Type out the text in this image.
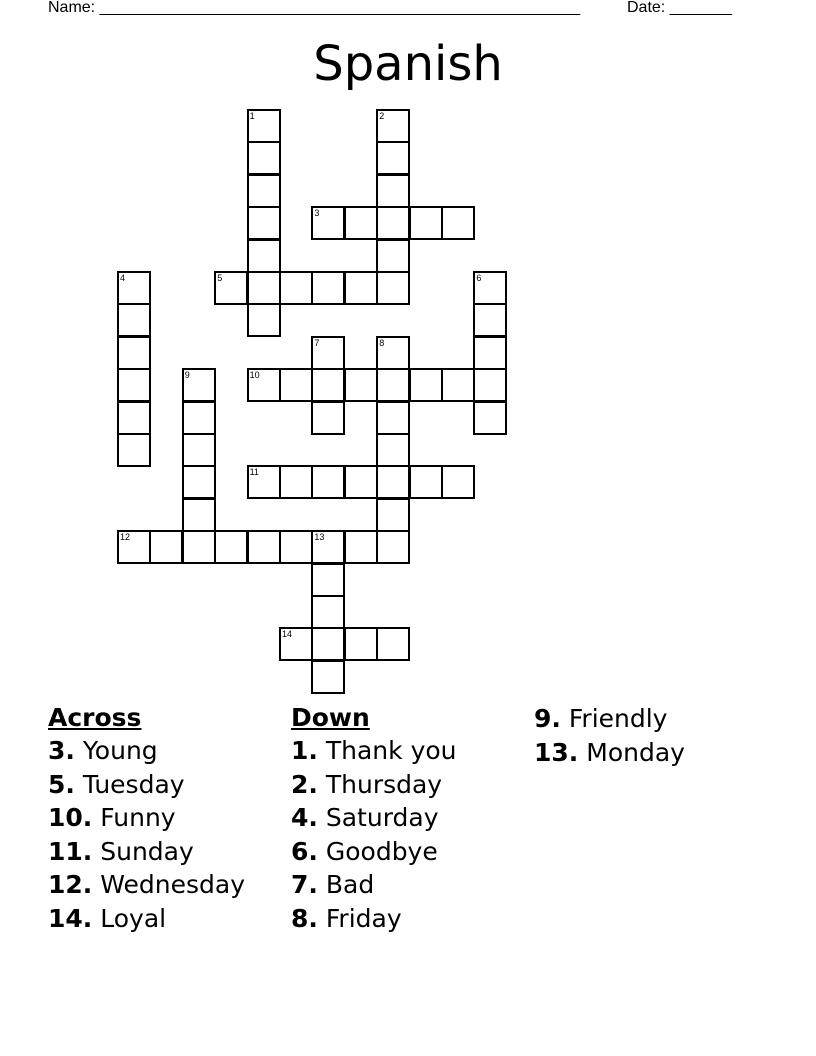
Name: ______________________________________________________	Date: _______
Spanish
1	2
3
4	5	6
7	8
9	10
11
12	13
14
Across
3. Young
5. Tuesday
10. Funny
11. Sunday
12. Wednesday
14. Loyal
Down
1. Thank you
2. Thursday
4. Saturday
6. Goodbye
7. Bad
8. Friday
9. Friendly
13. Monday
